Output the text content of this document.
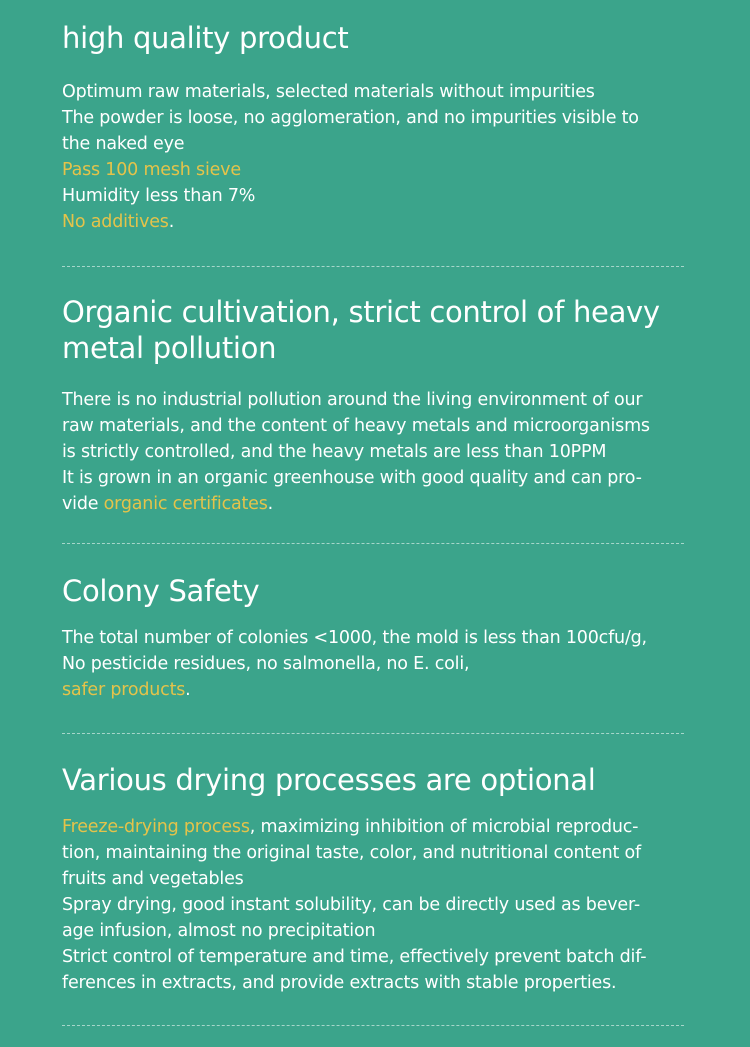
high quality product
Optimum raw materials, selected materials without impurities
The powder is loose, no agglomeration, and no impurities visible to
the naked eye
Pass 100 mesh sieve
Humidity less than 7%
No additives.
Organic cultivation, strict control of heavy
metal pollution
There is no industrial pollution around the living environment of our
raw materials, and the content of heavy metals and microorganisms
is strictly controlled, and the heavy metals are less than 10PPM
It is grown in an organic greenhouse with good quality and can pro-
vide organic certificates.
Colony Safety
The total number of colonies <1000, the mold is less than 100cfu/g,
No pesticide residues, no salmonella, no E. coli,
safer products.
Various drying processes are optional
Freeze-drying process, maximizing inhibition of microbial reproduc-
tion, maintaining the original taste, color, and nutritional content of
fruits and vegetables
Spray drying, good instant solubility, can be directly used as bever-
age infusion, almost no precipitation
Strict control of temperature and time, effectively prevent batch dif-
ferences in extracts, and provide extracts with stable properties.
